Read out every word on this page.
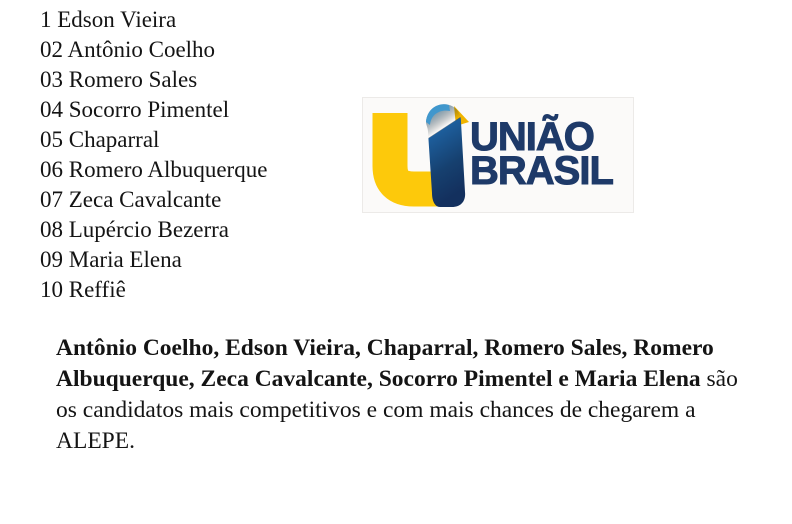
1 Edson Vieira
02 Antônio Coelho
03 Romero Sales
04 Socorro Pimentel
05 Chaparral
06 Romero Albuquerque
07 Zeca Cavalcante
08 Lupércio Bezerra
09 Maria Elena
10 Reffiê
UNIÃO
BRASIL

Antônio Coelho, Edson Vieira, Chaparral, Romero Sales, Romero Albuquerque, Zeca Cavalcante, Socorro Pimentel e Maria Elena são os candidatos mais competitivos e com mais chances de chegarem a ALEPE.
